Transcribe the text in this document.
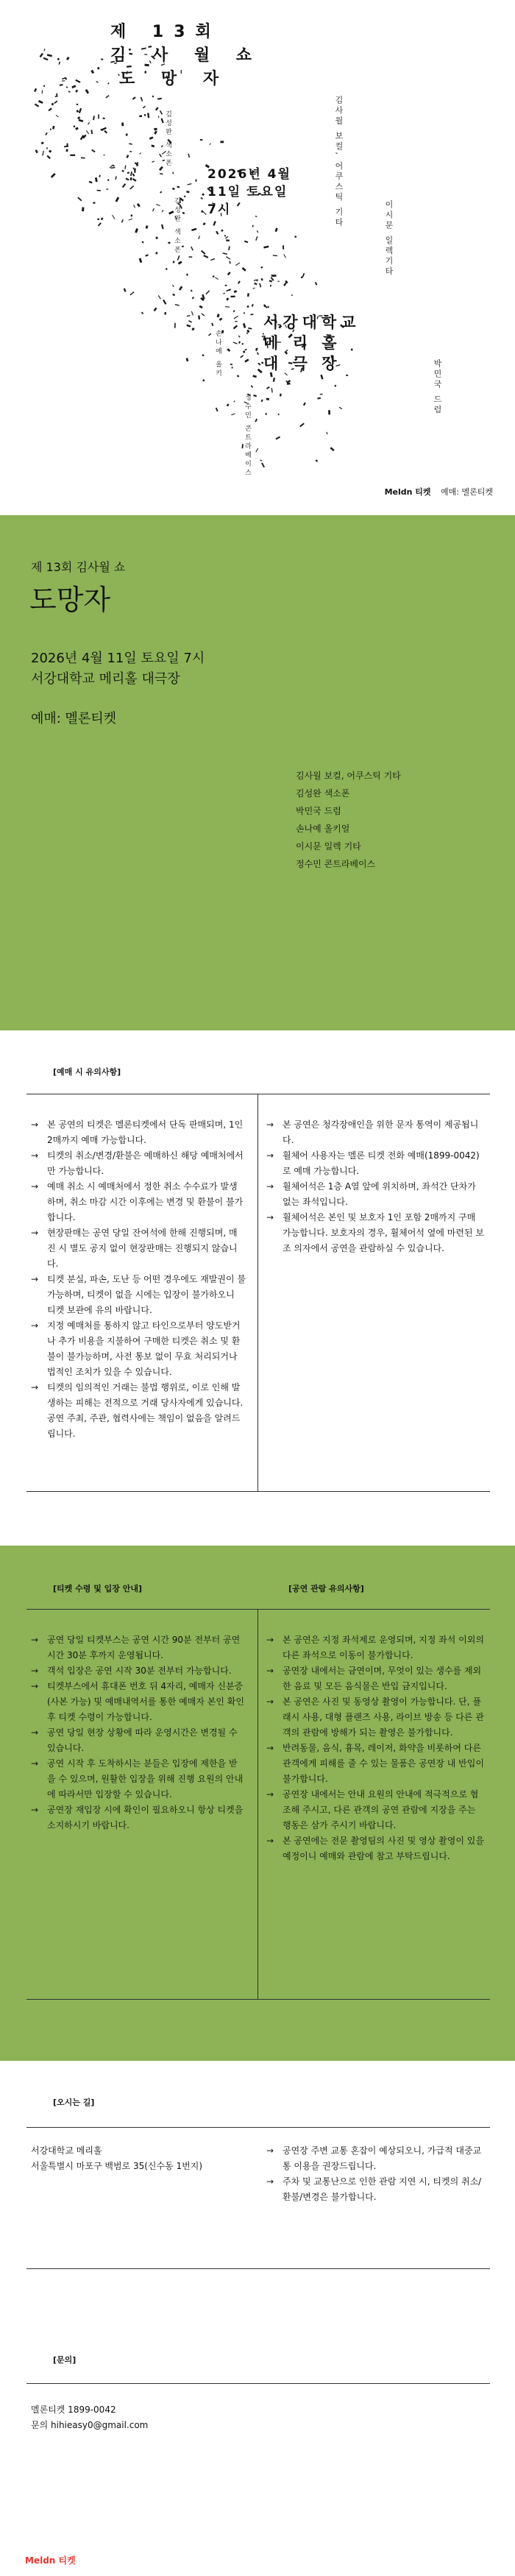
제 13회
김 사 월 쇼
도 망 자
2026년 4월
11일 토요일
7시
서강대학교
메 리 홀
대 극 장
김사월 보컬, 어쿠스틱 기타
이시문 일렉기타
박민국 드럼
김성완 색소폰
손나예 올키
정수민 콘트라베이스
김성완 색소폰
Meldn 티켓 예매: 멜론티켓
제 13회 김사월 쇼
도망자
2026년 4월 11일 토요일 7시
서강대학교 메리홀 대극장
예매: 멜론티켓
김사월 보컬, 어쿠스틱 기타
김성완 색소폰
박민국 드럼
손나예 올키얼
이시문 일렉 기타
정수민 콘트라베이스
[예매 시 유의사항]
→ 본 공연의 티켓은 멜론티켓에서 단독 판매되며, 1인 2매까지 예매 가능합니다.
→ 티켓의 취소/변경/환불은 예매하신 해당 예매처에서만 가능합니다.
→ 예매 취소 시 예매처에서 정한 취소 수수료가 발생하며, 취소 마감 시간 이후에는 변경 및 환불이 불가합니다.
→ 현장판매는 공연 당일 잔여석에 한해 진행되며, 매진 시 별도 공지 없이 현장판매는 진행되지 않습니다.
→ 티켓 분실, 파손, 도난 등 어떤 경우에도 재발권이 불가능하며, 티켓이 없을 시에는 입장이 불가하오니 티켓 보관에 유의 바랍니다.
→ 지정 예매처를 통하지 않고 타인으로부터 양도받거나 추가 비용을 지불하여 구매한 티켓은 취소 및 환불이 불가능하며, 사전 통보 없이 무효 처리되거나 법적인 조치가 있을 수 있습니다.
→ 티켓의 임의적인 거래는 불법 행위로, 이로 인해 발생하는 피해는 전적으로 거래 당사자에게 있습니다. 공연 주최, 주관, 협력사에는 책임이 없음을 알려드립니다.
→ 본 공연은 청각장애인을 위한 문자 통역이 제공됩니다.
→ 휠체어 사용자는 멜론 티켓 전화 예매(1899-0042)로 예매 가능합니다.
→ 휠체어석은 1층 A열 앞에 위치하며, 좌석간 단차가 없는 좌석입니다.
→ 휠체어석은 본인 및 보호자 1인 포함 2매까지 구매 가능합니다. 보호자의 경우, 휠체어석 옆에 마련된 보조 의자에서 공연을 관람하실 수 있습니다.
[티켓 수령 및 입장 안내]	[공연 관람 유의사항]
→ 공연 당일 티켓부스는 공연 시간 90분 전부터 공연 시간 30분 후까지 운영됩니다.
→ 객석 입장은 공연 시작 30분 전부터 가능합니다.
→ 티켓부스에서 휴대폰 번호 뒤 4자리, 예매자 신분증(사본 가능) 및 예매내역서를 통한 예매자 본인 확인 후 티켓 수령이 가능합니다.
→ 공연 당일 현장 상황에 따라 운영시간은 변경될 수 있습니다.
→ 공연 시작 후 도착하시는 분들은 입장에 제한을 받을 수 있으며, 원활한 입장을 위해 진행 요원의 안내에 따라서만 입장할 수 있습니다.
→ 공연장 재입장 시에 확인이 필요하오니 항상 티켓을 소지하시기 바랍니다.
→ 본 공연은 지정 좌석제로 운영되며, 지정 좌석 이외의 다른 좌석으로 이동이 불가합니다.
→ 공연장 내에서는 금연이며, 무엇이 있는 생수를 제외한 음료 및 모든 음식물은 반입 금지입니다.
→ 본 공연은 사진 및 동영상 촬영이 가능합니다. 단, 플래시 사용, 대형 플랜즈 사용, 라이브 방송 등 다른 관객의 관람에 방해가 되는 촬영은 불가합니다.
→ 반려동물, 음식, 흉목, 레이저, 화약을 비롯하여 다른 관객에게 피해를 줄 수 있는 물품은 공연장 내 반입이 불가합니다.
→ 공연장 내에서는 안내 요원의 안내에 적극적으로 협조해 주시고, 다른 관객의 공연 관람에 지장을 주는 행동은 삼가 주시기 바랍니다.
→ 본 공연에는 전문 촬영팀의 사진 및 영상 촬영이 있을 예정이니 예매와 관람에 참고 부탁드립니다.
[오시는 길]
서강대학교 메리홀
서울특별시 마포구 백범로 35(신수동 1번지)
→ 공연장 주변 교통 혼잡이 예상되오니, 가급적 대중교통 이용을 권장드립니다.
→ 주차 및 교통난으로 인한 관람 지연 시, 티켓의 취소/환불/변경은 불가합니다.
[문의]
멜론티켓 1899-0042
문의 hihieasy0@gmail.com
Meldn 티켓
